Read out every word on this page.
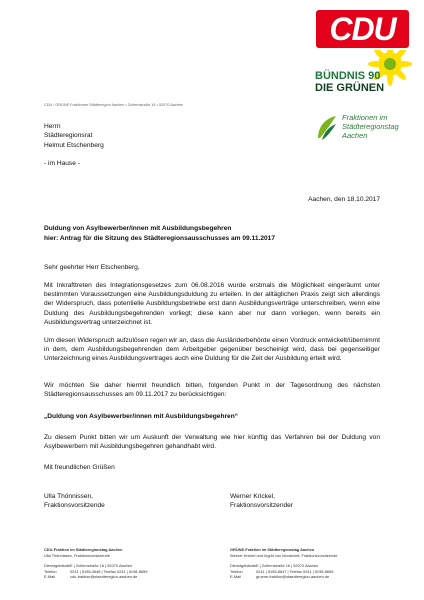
CDU
BÜNDNIS 90
DIE GRÜNEN
Fraktionen im
Städteregionstag
Aachen
CDU / GRÜNE Fraktionen Städteregion Aachen • Zollernstraße 16 • 52070 Aachen
Herrn
Städteregionsrat
Helmut Etschenberg
- im Hause -
Aachen, den 18.10.2017
Duldung von Asylbewerber/innen mit Ausbildungsbegehren
hier: Antrag für die Sitzung des Städteregionsausschusses am 09.11.2017
Sehr geehrter Herr Etschenberg,
Mit Inkrafttreten des Integrationsgesetzes zum 06.08.2016 wurde erstmals die Möglichkeit eingeräumt unter bestimmten Voraussetzungen eine Ausbildungsduldung zu erteilen. In der alltäglichen Praxis zeigt sich allerdings der Widerspruch, dass potentielle Ausbildungsbetriebe erst dann Ausbildungsverträge unterschreiben, wenn eine Duldung des Ausbildungsbegehrenden vorliegt; diese kann aber nur dann vorliegen, wenn bereits ein Ausbildungsvertrag unterzeichnet ist.
Um diesen Widerspruch aufzulösen regen wir an, dass die Ausländerbehörde einen Vordruck entwickelt/übernimmt in dem, dem Ausbildungsbegehrenden dem Arbeitgeber gegenüber bescheinigt wird, dass bei gegenseitiger Unterzeichnung eines Ausbildungsvertrages auch eine Duldung für die Zeit der Ausbildung erteilt wird.
Wir möchten Sie daher hiermit freundlich bitten, folgenden Punkt in der Tagesordnung des nächsten Städteregionsausschusses am 09.11.2017 zu berücksichtigen:
„Duldung von Asylbewerber/innen mit Ausbildungsbegehren“
Zu diesem Punkt bitten wir um Auskunft der Verwaltung wie hier künftig das Verfahren bei der Duldung von Asylbewerbern mit Ausbildungsbegehren gehandhabt wird.
Mit freundlichen Grüßen
Ulla Thönnissen,
Fraktionsvorsitzende
Werner Krickel,
Fraktionsvorsitzender
CDU-Fraktion im Städteregionstag Aachen
Ulla Thönnissen, Fraktionsvorsitzende
Dienstgebäude E | Zollernstraße 16 | 52070 Aachen
Telefon	0241 | 5198-0648 | Telefax 0241 | 5198-8659
E-Mail	cdu-fraktion@staedteregion-aachen.de
GRÜNE-Fraktion im Städteregionstag Aachen
Werner Krickel und Ingrid von Morandell, Fraktionsvorsitzende
Dienstgebäude E | Zollernstraße 16 | 52070 Aachen
Telefon	0241 | 5198-8647 | Telefax 0241 | 5198-8655
E-Mail	gruene-fraktion@staedteregion-aachen.de
